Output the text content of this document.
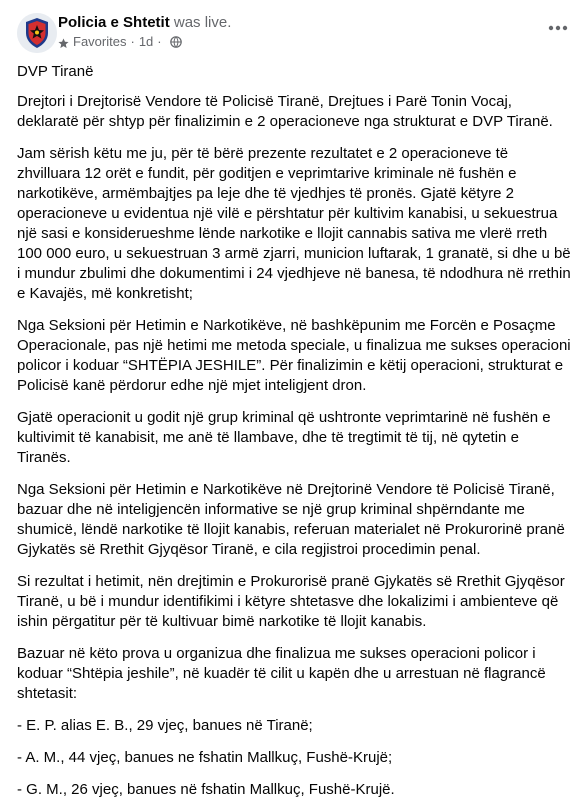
Policia e Shtetit was live.
Favorites · 1d ·

DVP Tiranë

Drejtori i Drejtorisë Vendore të Policisë Tiranë, Drejtues i Parë Tonin Vocaj, deklaratë për shtyp për finalizimin e 2 operacioneve nga strukturat e DVP Tiranë.

Jam sërish këtu me ju, për të bërë prezente rezultatet e 2 operacioneve të zhvilluara 12 orët e fundit, për goditjen e veprimtarive kriminale në fushën e narkotikëve, armëmbajtjes pa leje dhe të vjedhjes të pronës. Gjatë këtyre 2 operacioneve u evidentua një vilë e përshtatur për kultivim kanabisi, u sekuestrua një sasi e konsiderueshme lënde narkotike e llojit cannabis sativa me vlerë rreth 100 000 euro, u sekuestruan 3 armë zjarri, municion luftarak, 1 granatë, si dhe u bë i mundur zbulimi dhe dokumentimi i 24 vjedhjeve në banesa, të ndodhura në rrethin e Kavajës, më konkretisht;

Nga Seksioni për Hetimin e Narkotikëve, në bashkëpunim me Forcën e Posaçme Operacionale, pas një hetimi me metoda speciale, u finalizua me sukses operacioni policor i koduar “SHTËPIA JESHILE”. Për finalizimin e këtij operacioni, strukturat e Policisë kanë përdorur edhe një mjet inteligjent dron.

Gjatë operacionit u godit një grup kriminal që ushtronte veprimtarinë në fushën e kultivimit të kanabisit, me anë të llambave, dhe të tregtimit të tij, në qytetin e Tiranës.

Nga Seksioni për Hetimin e Narkotikëve në Drejtorinë Vendore të Policisë Tiranë, bazuar dhe në inteligjencën informative se një grup kriminal shpërndante me shumicë, lëndë narkotike të llojit kanabis, referuan materialet në Prokurorinë pranë Gjykatës së Rrethit Gjyqësor Tiranë, e cila regjistroi procedimin penal.

Si rezultat i hetimit, nën drejtimin e Prokurorisë pranë Gjykatës së Rrethit Gjyqësor Tiranë, u bë i mundur identifikimi i këtyre shtetasve dhe lokalizimi i ambienteve që ishin përgatitur për të kultivuar bimë narkotike të llojit kanabis.

Bazuar në këto prova u organizua dhe finalizua me sukses operacioni policor i koduar “Shtëpia jeshile”, në kuadër të cilit u kapën dhe u arrestuan në flagrancë shtetasit:

- E. P. alias E. B., 29 vjeç, banues në Tiranë;

- A. M., 44 vjeç, banues ne fshatin Mallkuç, Fushë-Krujë;

- G. M., 26 vjeç, banues në fshatin Mallkuç, Fushë-Krujë.
